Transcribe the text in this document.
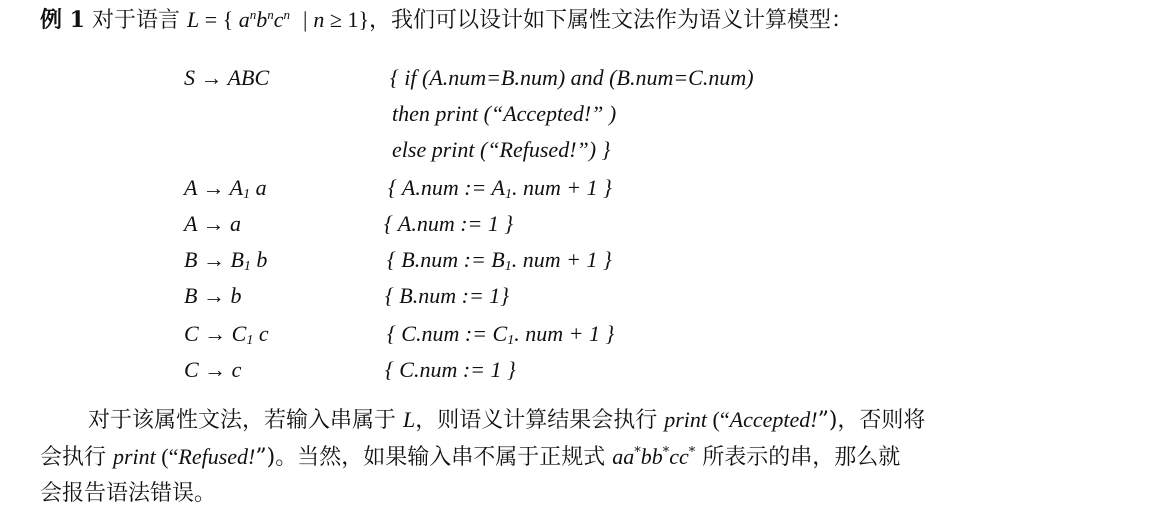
例 1 对于语言 L = { $a^nb^nc^n$ | n ≥ 1}，我们可以设计如下属性文法作为语义计算模型：
S → ABC	{ if (A.num=B.num) and (B.num=C.num)
then print (“Accepted!” )
else print (“Refused!”) }
$A \to A_1$ a	{ A.num := $A_1$. num + 1 }
A → a	{ A.num := 1 }
$B \to B_1$ b	{ B.num := $B_1$. num + 1 }
B → b	{ B.num := 1}
$C \to C_1$ c	{ C.num := $C_1$. num + 1 }
C → c	{ C.num := 1 }
对于该属性文法，若输入串属于 L，则语义计算结果会执行 print (“Accepted!”)，否则将
会执行 print (“Refused!”)。当然，如果输入串不属于正规式 aa*bb*cc* 所表示的串，那么就
会报告语法错误。
